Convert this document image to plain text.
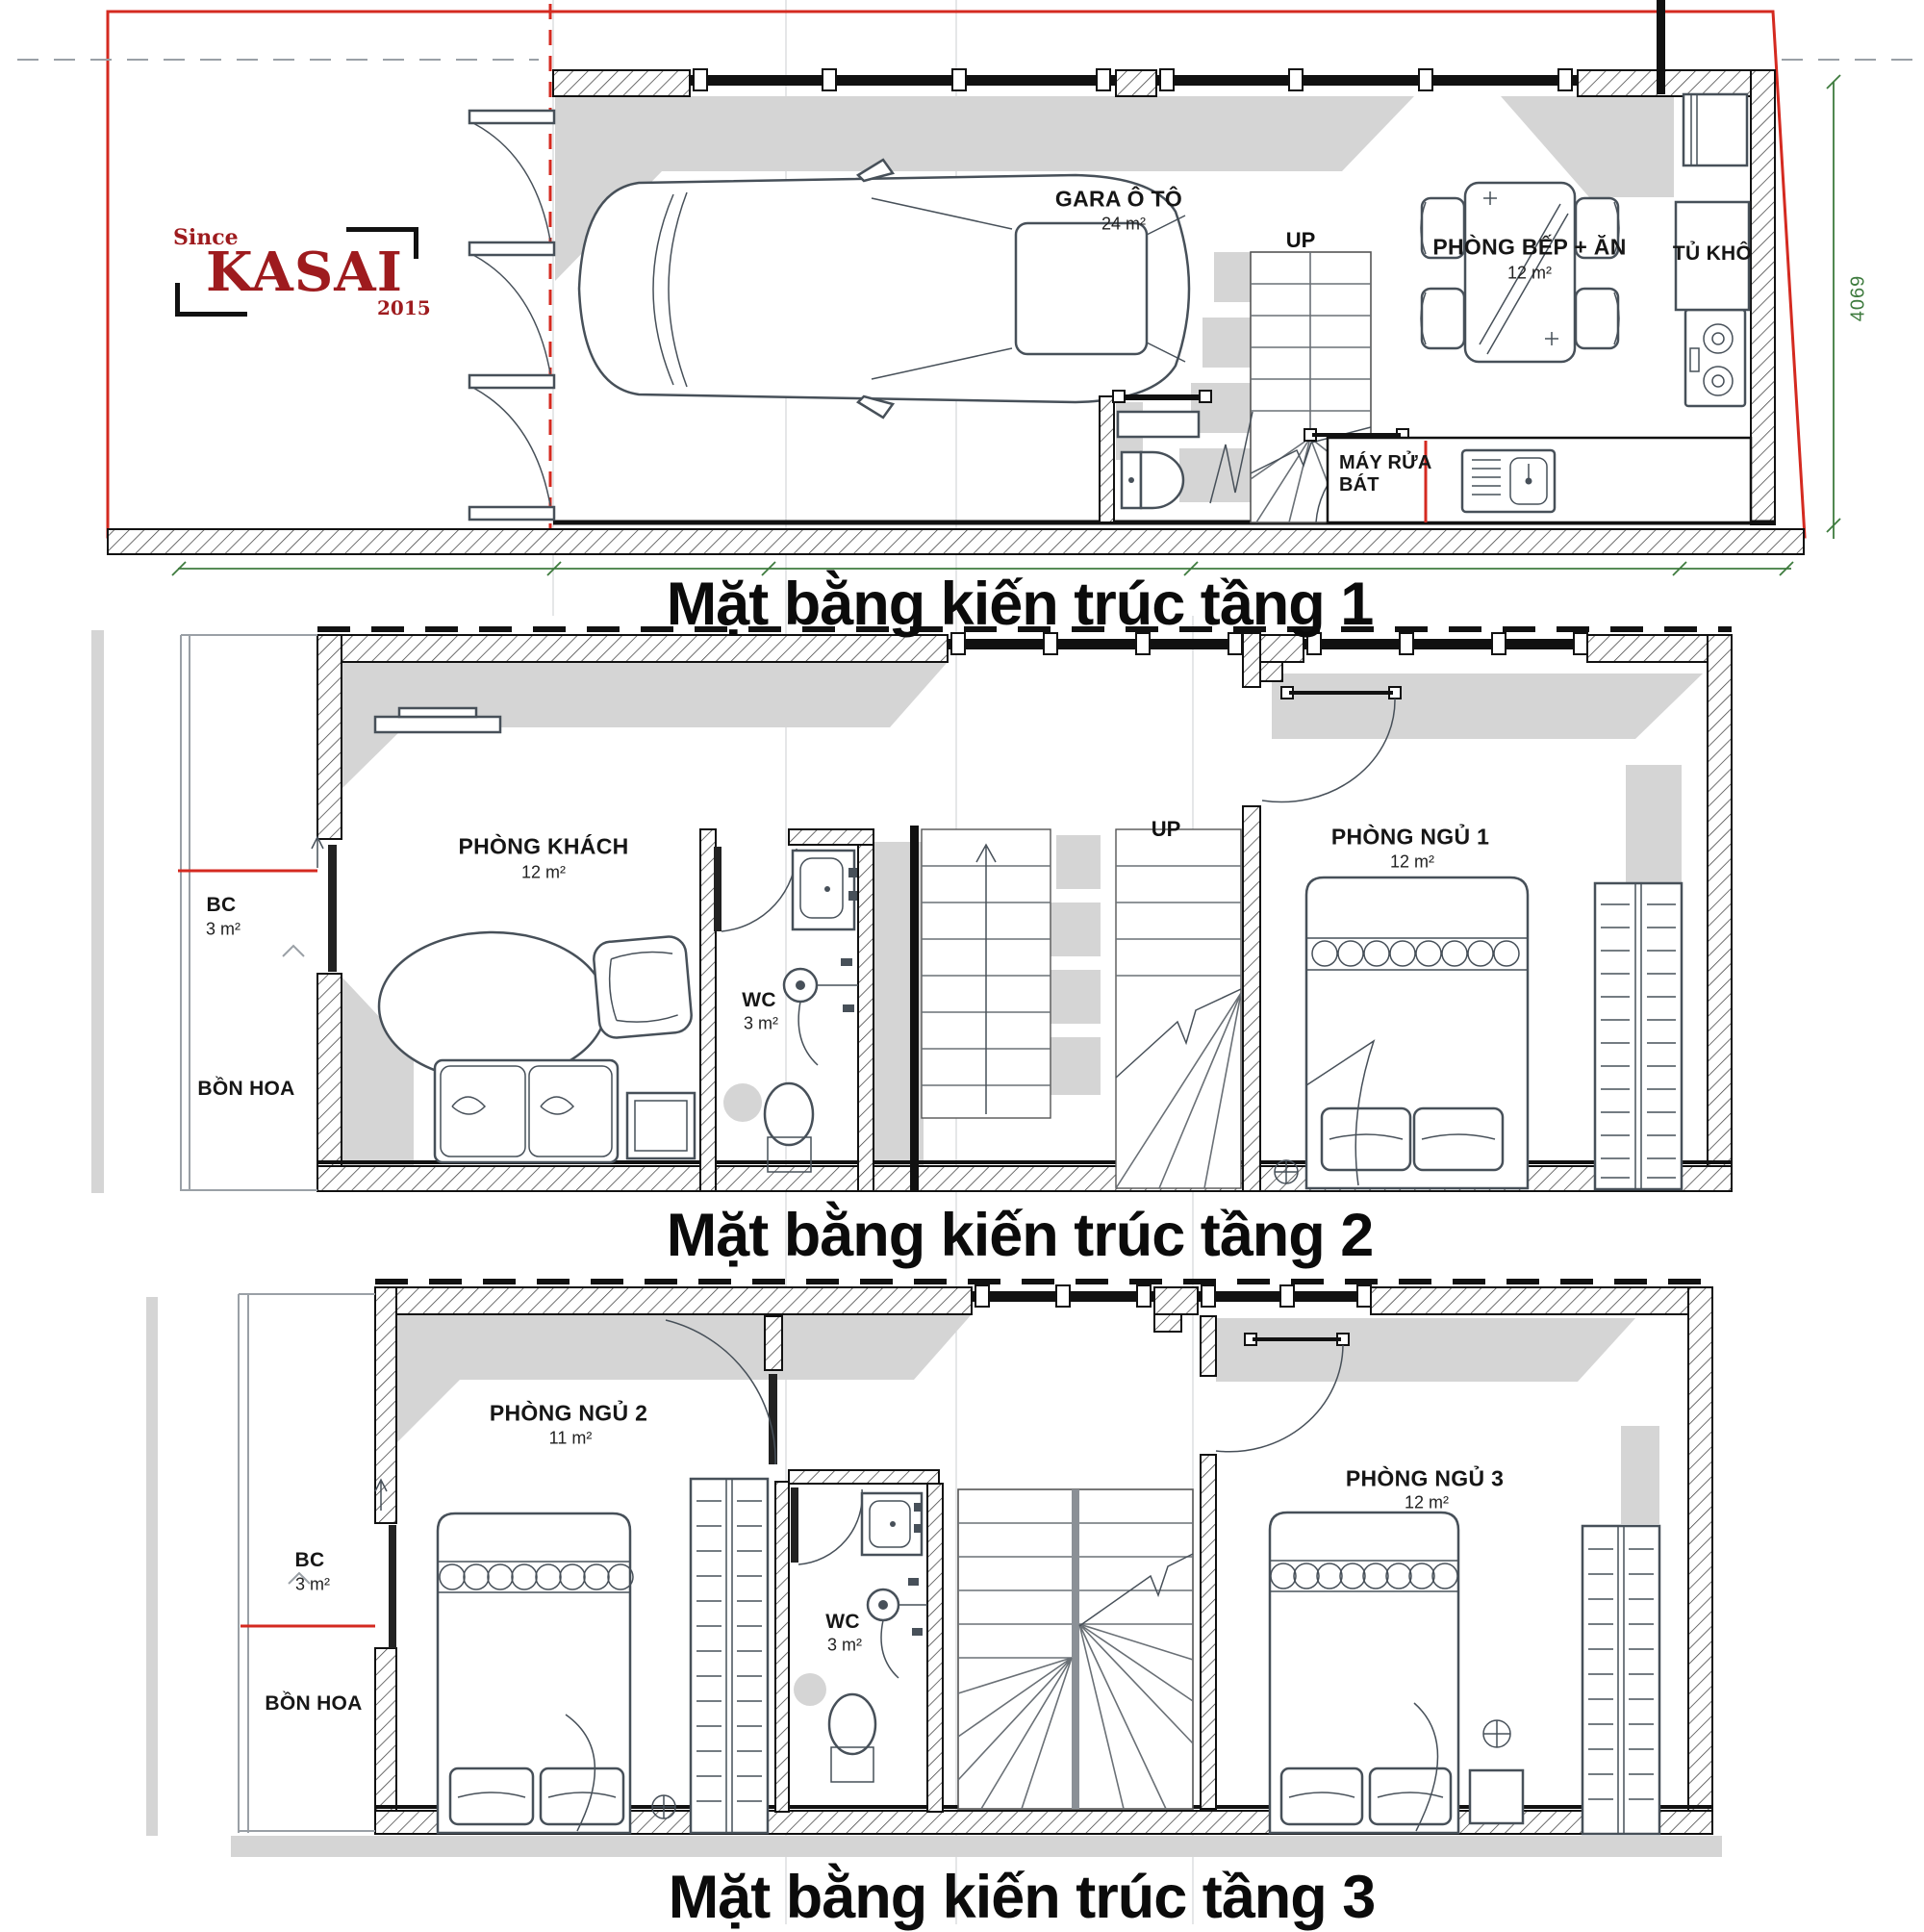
Since
KASAI
2015
GARA Ô TÔ
24 m²
UP	PHÒNG BẾP + ĂN
12 m²
TỦ KHÔ
MÁY RỬA BÁT
4069
Mặt bằng kiến trúc tầng 1
BC
3 m²
BỒN HOA
PHÒNG KHÁCH
12 m²
WC
3 m²
UP	PHÒNG NGỦ 1
12 m²
Mặt bằng kiến trúc tầng 2
BC
3 m²
BỒN HOA
PHÒNG NGỦ 2
11 m²
WC
3 m²
PHÒNG NGỦ 3
12 m²
Mặt bằng kiến trúc tầng 3
